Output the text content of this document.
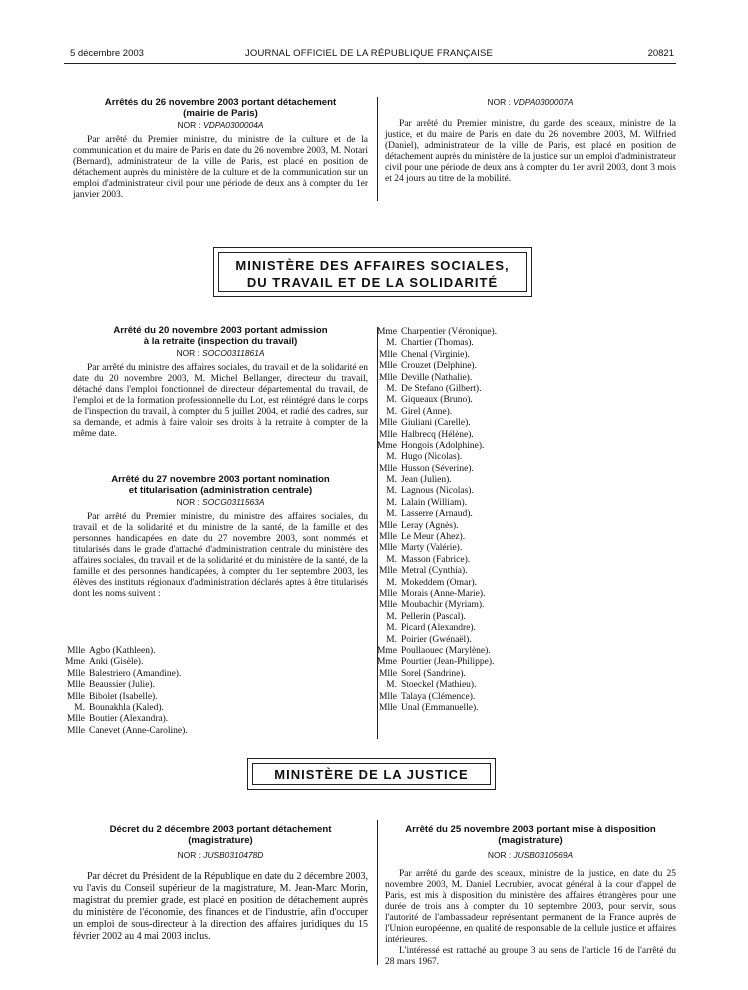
5 décembre 2003	JOURNAL OFFICIEL DE LA RÉPUBLIQUE FRANÇAISE	20821
Arrêtés du 26 novembre 2003 portant détachement
(mairie de Paris)
NOR : VDPA0300004A

Par arrêté du Premier ministre, du ministre de la culture et de la communication et du maire de Paris en date du 26 novembre 2003, M. Notari (Bernard), administrateur de la ville de Paris, est placé en position de détachement auprès du ministère de la culture et de la communication sur un emploi d'administrateur civil pour une période de deux ans à compter du 1er janvier 2003.

NOR : VDPA0300007A

Par arrêté du Premier ministre, du garde des sceaux, ministre de la justice, et du maire de Paris en date du 26 novembre 2003, M. Wilfried (Daniel), administrateur de la ville de Paris, est placé en position de détachement auprès du ministère de la justice sur un emploi d'administrateur civil pour une période de deux ans à compter du 1er avril 2003, dont 3 mois et 24 jours au titre de la mobilité.

MINISTÈRE DES AFFAIRES SOCIALES,
DU TRAVAIL ET DE LA SOLIDARITÉ
Arrêté du 20 novembre 2003 portant admission
à la retraite (inspection du travail)
NOR : SOCO0311861A

Par arrêté du ministre des affaires sociales, du travail et de la solidarité en date du 20 novembre 2003, M. Michel Bellanger, directeur du travail, détaché dans l'emploi fonctionnel de directeur départemental du travail, de l'emploi et de la formation professionnelle du Lot, est réintégré dans le corps de l'inspection du travail, à compter du 5 juillet 2004, et radié des cadres, sur sa demande, et admis à faire valoir ses droits à la retraite à compter de la même date.

Arrêté du 27 novembre 2003 portant nomination
et titularisation (administration centrale)
NOR : SOCG0311563A

Par arrêté du Premier ministre, du ministre des affaires sociales, du travail et de la solidarité et du ministre de la santé, de la famille et des personnes handicapées en date du 27 novembre 2003, sont nommés et titularisés dans le grade d'attaché d'administration centrale du ministère des affaires sociales, du travail et de la solidarité et du ministère de la santé, de la famille et des personnes handicapées, à compter du 1er septembre 2003, les élèves des instituts régionaux d'administration déclarés aptes à être titularisés dont les noms suivent :

Mlle Agbo (Kathleen).
Mme Anki (Gisèle).
Mlle Balestriero (Amandine).
Mlle Beaussier (Julie).
Mlle Bibolet (Isabelle).
M. Bounakhla (Kaled).
Mlle Boutier (Alexandra).
Mlle Canevet (Anne-Caroline).
Mme Charpentier (Véronique).
M. Chartier (Thomas).
Mlle Chenal (Virginie).
Mlle Crouzet (Delphine).
Mlle Deville (Nathalie).
M. De Stefano (Gilbert).
M. Giqueaux (Bruno).
M. Girel (Anne).
Mlle Giuliani (Carelle).
Mlle Halbrecq (Hélène).
Mme Hongois (Adolphine).
M. Hugo (Nicolas).
Mlle Husson (Séverine).
M. Jean (Julien).
M. Lagnous (Nicolas).
M. Lalain (William).
M. Lasserre (Arnaud).
Mlle Leray (Agnès).
Mlle Le Meur (Ahez).
Mlle Marty (Valérie).
M. Masson (Fabrice).
Mlle Metral (Cynthia).
M. Mokeddem (Omar).
Mlle Morais (Anne-Marie).
Mlle Moubachir (Myriam).
M. Pellerin (Pascal).
M. Picard (Alexandre).
M. Poirier (Gwénaël).
Mme Poullaouec (Marylène).
Mme Pourtier (Jean-Philippe).
Mlle Sorel (Sandrine).
M. Stoeckel (Mathieu).
Mlle Talaya (Clémence).
Mlle Unal (Emmanuelle).
MINISTÈRE DE LA JUSTICE
Décret du 2 décembre 2003 portant détachement
(magistrature)
NOR : JUSB0310478D

Par décret du Président de la République en date du 2 décembre 2003, vu l'avis du Conseil supérieur de la magistrature, M. Jean-Marc Morin, magistrat du premier grade, est placé en position de détachement auprès du ministère de l'économie, des finances et de l'industrie, afin d'occuper un emploi de sous-directeur à la direction des affaires juridiques du 15 février 2002 au 4 mai 2003 inclus.

Arrêté du 25 novembre 2003 portant mise à disposition
(magistrature)
NOR : JUSB0310569A

Par arrêté du garde des sceaux, ministre de la justice, en date du 25 novembre 2003, M. Daniel Lecrubier, avocat général à la cour d'appel de Paris, est mis à disposition du ministère des affaires étrangères pour une durée de trois ans à compter du 10 septembre 2003, pour servir, sous l'autorité de l'ambassadeur représentant permanent de la France auprès de l'Union européenne, en qualité de responsable de la cellule justice et affaires intérieures.

L'intéressé est rattaché au groupe 3 au sens de l'article 16 de l'arrêté du 28 mars 1967.
